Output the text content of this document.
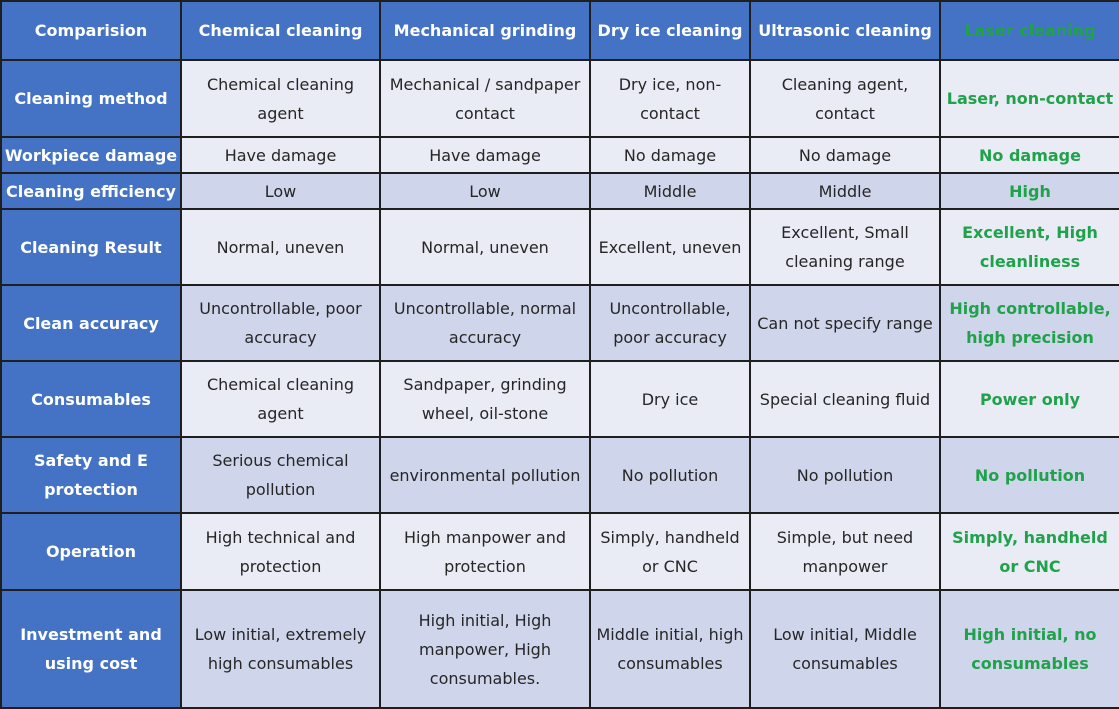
Comparision	Chemical cleaning	Mechanical grinding	Dry ice cleaning	Ultrasonic cleaning	Laser cleaning
Cleaning method	Chemical cleaning agent	Mechanical / sandpaper contact	Dry ice, non-contact	Cleaning agent, contact	Laser, non-contact
Workpiece damage	Have damage	Have damage	No damage	No damage	No damage
Cleaning efficiency	Low	Low	Middle	Middle	High
Cleaning Result	Normal, uneven	Normal, uneven	Excellent, uneven	Excellent, Small cleaning range	Excellent, High cleanliness
Clean accuracy	Uncontrollable, poor accuracy	Uncontrollable, normal accuracy	Uncontrollable, poor accuracy	Can not specify range	High controllable, high precision
Consumables	Chemical cleaning agent	Sandpaper, grinding wheel, oil-stone	Dry ice	Special cleaning fluid	Power only
Safety and E protection	Serious chemical pollution	environmental pollution	No pollution	No pollution	No pollution
Operation	High technical and protection	High manpower and protection	Simply, handheld or CNC	Simple, but need manpower	Simply, handheld or CNC
Investment and using cost	Low initial, extremely high consumables	High initial, High manpower, High consumables.	Middle initial, high consumables	Low initial, Middle consumables	High initial, no consumables
